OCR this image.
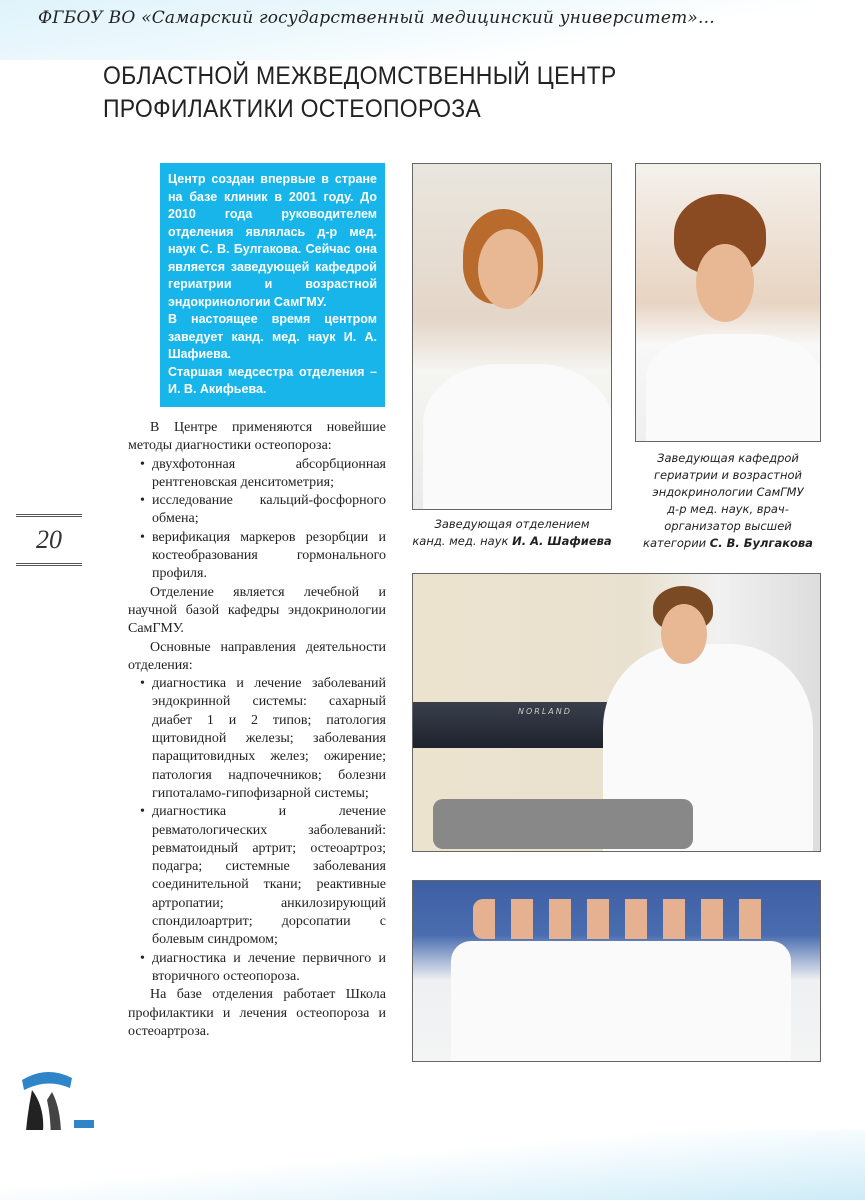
ФГБОУ ВО «Самарский государственный медицинский университет»...
ОБЛАСТНОЙ МЕЖВЕДОМСТВЕННЫЙ ЦЕНТР
ПРОФИЛАКТИКИ ОСТЕОПОРОЗА

Центр создан впервые в стране на базе клиник в 2001 году. До 2010 года руководителем отделения являлась д-р мед. наук С. В. Булгакова. Сейчас она является заведующей кафедрой гериатрии и возрастной эндокринологии СамГМУ.

В настоящее время центром заведует канд. мед. наук И. А. Шафиева.

Старшая медсестра отделения – И. В. Акифьева.

20

В Центре применяются новейшие методы диагностики остеопороза:

• двухфотонная абсорбционная рентгеновская денситометрия;
• исследование кальций-фосфорного обмена;
• верификация маркеров резорбции и костеобразования гормонального профиля.

Отделение является лечебной и научной базой кафедры эндокринологии СамГМУ.

Основные направления деятельности отделения:

• диагностика и лечение заболеваний эндокринной системы: сахарный диабет 1 и 2 типов; патология щитовидной железы; заболевания паращитовидных желез; ожирение; патология надпочечников; болезни гипоталамо-гипофизарной системы;
• диагностика и лечение ревматологических заболеваний: ревматоидный артрит; остеоартроз; подагра; системные заболевания соединительной ткани; реактивные артропатии; анкилозирующий спондилоартрит; дорсопатии с болевым синдромом;
• диагностика и лечение первичного и вторичного остеопороза.

На базе отделения работает Школа профилактики и лечения остеопороза и остеоартроза.

Заведующая отделением
канд. мед. наук И. А. Шафиева
Заведующая кафедрой
гериатрии и возрастной
эндокринологии СамГМУ
д-р мед. наук, врач-
организатор высшей
категории С. В. Булгакова
NORLAND
